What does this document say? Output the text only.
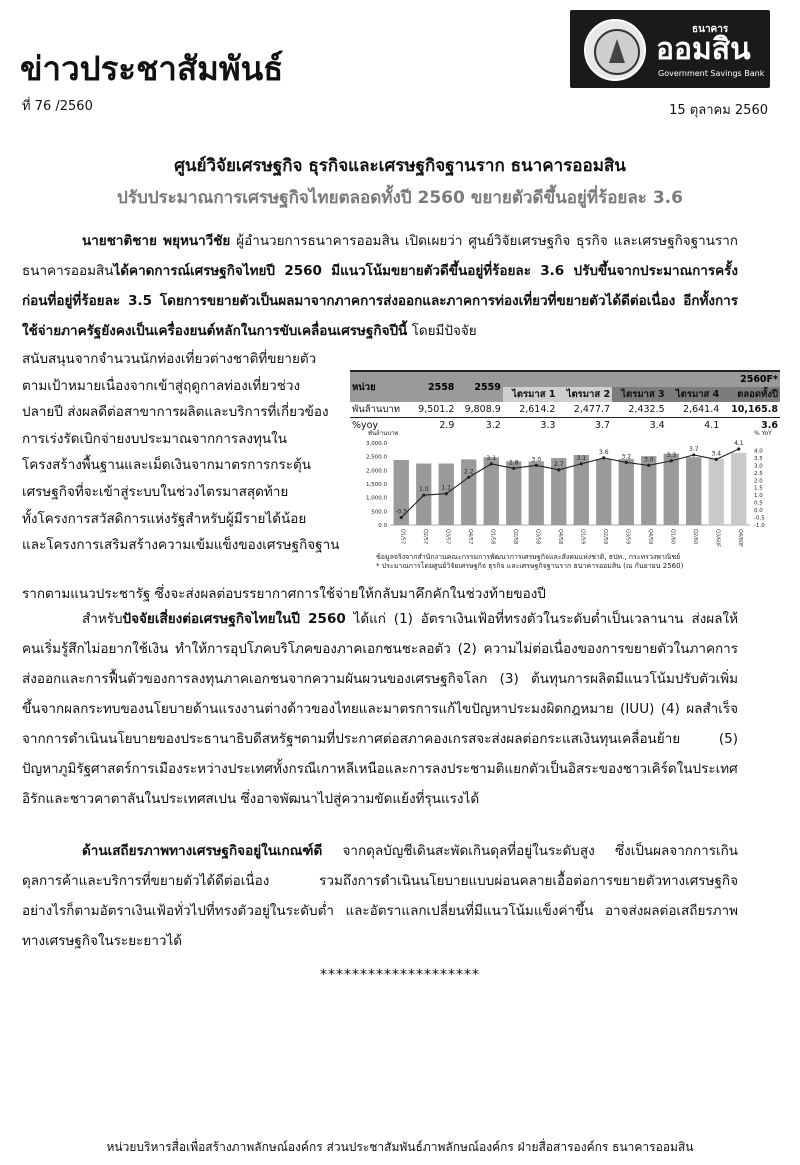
ข่าวประชาสัมพันธ์
ที่ 76 /2560	15 ตุลาคม 2560
ธนาคาร
ออมสิน
Government Savings Bank
ศูนย์วิจัยเศรษฐกิจ ธุรกิจและเศรษฐกิจฐานราก ธนาคารออมสิน
ปรับประมาณการเศรษฐกิจไทยตลอดทั้งปี 2560 ขยายตัวดีขึ้นอยู่ที่ร้อยละ 3.6
นายชาติชาย พยุหนาวีชัย ผู้อำนวยการธนาคารออมสิน เปิดเผยว่า ศูนย์วิจัยเศรษฐกิจ ธุรกิจ และเศรษฐกิจฐานราก ธนาคารออมสินได้คาดการณ์เศรษฐกิจไทยปี 2560 มีแนวโน้มขยายตัวดีขึ้นอยู่ที่ร้อยละ 3.6 ปรับขึ้นจากประมาณการครั้งก่อนที่อยู่ที่ร้อยละ 3.5 โดยการขยายตัวเป็นผลมาจากภาคการส่งออกและภาคการท่องเที่ยวที่ขยายตัวได้ดีต่อเนื่อง อีกทั้งการใช้จ่ายภาครัฐยังคงเป็นเครื่องยนต์หลักในการขับเคลื่อนเศรษฐกิจปีนี้ โดยมีปัจจัย
สนับสนุนจากจำนวนนักท่องเที่ยวต่างชาติที่ขยายตัว
ตามเป้าหมายเนื่องจากเข้าสู่ฤดูกาลท่องเที่ยวช่วง
ปลายปี ส่งผลดีต่อสาขาการผลิตและบริการที่เกี่ยวข้อง
การเร่งรัดเบิกจ่ายงบประมาณจากการลงทุนใน
โครงสร้างพื้นฐานและเม็ดเงินจากมาตรการกระตุ้น
เศรษฐกิจที่จะเข้าสู่ระบบในช่วงไตรมาสสุดท้าย
ทั้งโครงการสวัสดิการแห่งรัฐสำหรับผู้มีรายได้น้อย
และโครงการเสริมสร้างความเข้มแข็งของเศรษฐกิจฐาน
รากตามแนวประชารัฐ ซึ่งจะส่งผลต่อบรรยากาศการใช้จ่ายให้กลับมาคึกคักในช่วงท้ายของปี
หน่วย	2558	2559	2560F*				
			ไตรมาส 1	ไตรมาส 2	ไตรมาส 3	ไตรมาส 4	ตลอดทั้งปี
พันล้านบาท	9,501.2	9,808.9	2,614.2	2,477.7	2,432.5	2,641.4	10,165.8
%yoy	2.9	3.2	3.3	3.7	3.4	4.1	3.6
พันล้านบาท	% YoY
3,000.0
2,500.0
2,000.0
1,500.0
1,000.0
500.0
0.0
4.0
3.5
3.0
2.5
2.0
1.5
1.0
0.5
0.0
-0.5
-1.0
-0.5
Q1/57
1.0
Q2/57
1.1
Q3/57
2.2
Q4/57
3.1
Q1/58
2.8
Q2/58
3.0
Q3/58
2.7
Q4/58
3.1
Q1/59
3.6
Q2/59
3.2
Q3/59
3.0
Q4/59
3.3
Q1/60
3.7
Q2/60
3.4
Q3/60F
4.1
Q4/60F
ข้อมูลจริงจากสำนักงานคณะกรรมการพัฒนาการเศรษฐกิจและสังคมแห่งชาติ, ธปท., กระทรวงพาณิชย์
* ประมาณการโดยศูนย์วิจัยเศรษฐกิจ ธุรกิจ และเศรษฐกิจฐานราก ธนาคารออมสิน (ณ กันยายน 2560)
สำหรับปัจจัยเสี่ยงต่อเศรษฐกิจไทยในปี 2560 ได้แก่ (1) อัตราเงินเฟ้อที่ทรงตัวในระดับต่ำเป็นเวลานาน ส่งผลให้คนเริ่มรู้สึกไม่อยากใช้เงิน ทำให้การอุปโภคบริโภคของภาคเอกชนชะลอตัว (2) ความไม่ต่อเนื่องของการขยายตัวในภาคการส่งออกและการฟื้นตัวของการลงทุนภาคเอกชนจากความผันผวนของเศรษฐกิจโลก (3) ต้นทุนการผลิตมีแนวโน้มปรับตัวเพิ่มขึ้นจากผลกระทบของนโยบายด้านแรงงานต่างด้าวของไทยและมาตรการแก้ไขปัญหาประมงผิดกฎหมาย (IUU) (4) ผลสำเร็จจากการดำเนินนโยบายของประธานาธิบดีสหรัฐฯตามที่ประกาศต่อสภาคองเกรสจะส่งผลต่อกระแสเงินทุนเคลื่อนย้าย (5) ปัญหาภูมิรัฐศาสตร์การเมืองระหว่างประเทศทั้งกรณีเกาหลีเหนือและการลงประชามติแยกตัวเป็นอิสระของชาวเคิร์ดในประเทศอิรักและชาวคาตาลันในประเทศสเปน ซึ่งอาจพัฒนาไปสู่ความขัดแย้งที่รุนแรงได้
ด้านเสถียรภาพทางเศรษฐกิจอยู่ในเกณฑ์ดี จากดุลบัญชีเดินสะพัดเกินดุลที่อยู่ในระดับสูง ซึ่งเป็นผลจากการเกินดุลการค้าและบริการที่ขยายตัวได้ดีต่อเนื่อง รวมถึงการดำเนินนโยบายแบบผ่อนคลายเอื้อต่อการขยายตัวทางเศรษฐกิจ อย่างไรก็ตามอัตราเงินเฟ้อทั่วไปที่ทรงตัวอยู่ในระดับต่ำ และอัตราแลกเปลี่ยนที่มีแนวโน้มแข็งค่าขึ้น อาจส่งผลต่อเสถียรภาพทางเศรษฐกิจในระยะยาวได้
********************
หน่วยบริหารสื่อเพื่อสร้างภาพลักษณ์องค์กร ส่วนประชาสัมพันธ์ภาพลักษณ์องค์กร ฝ่ายสื่อสารองค์กร ธนาคารออมสิน
